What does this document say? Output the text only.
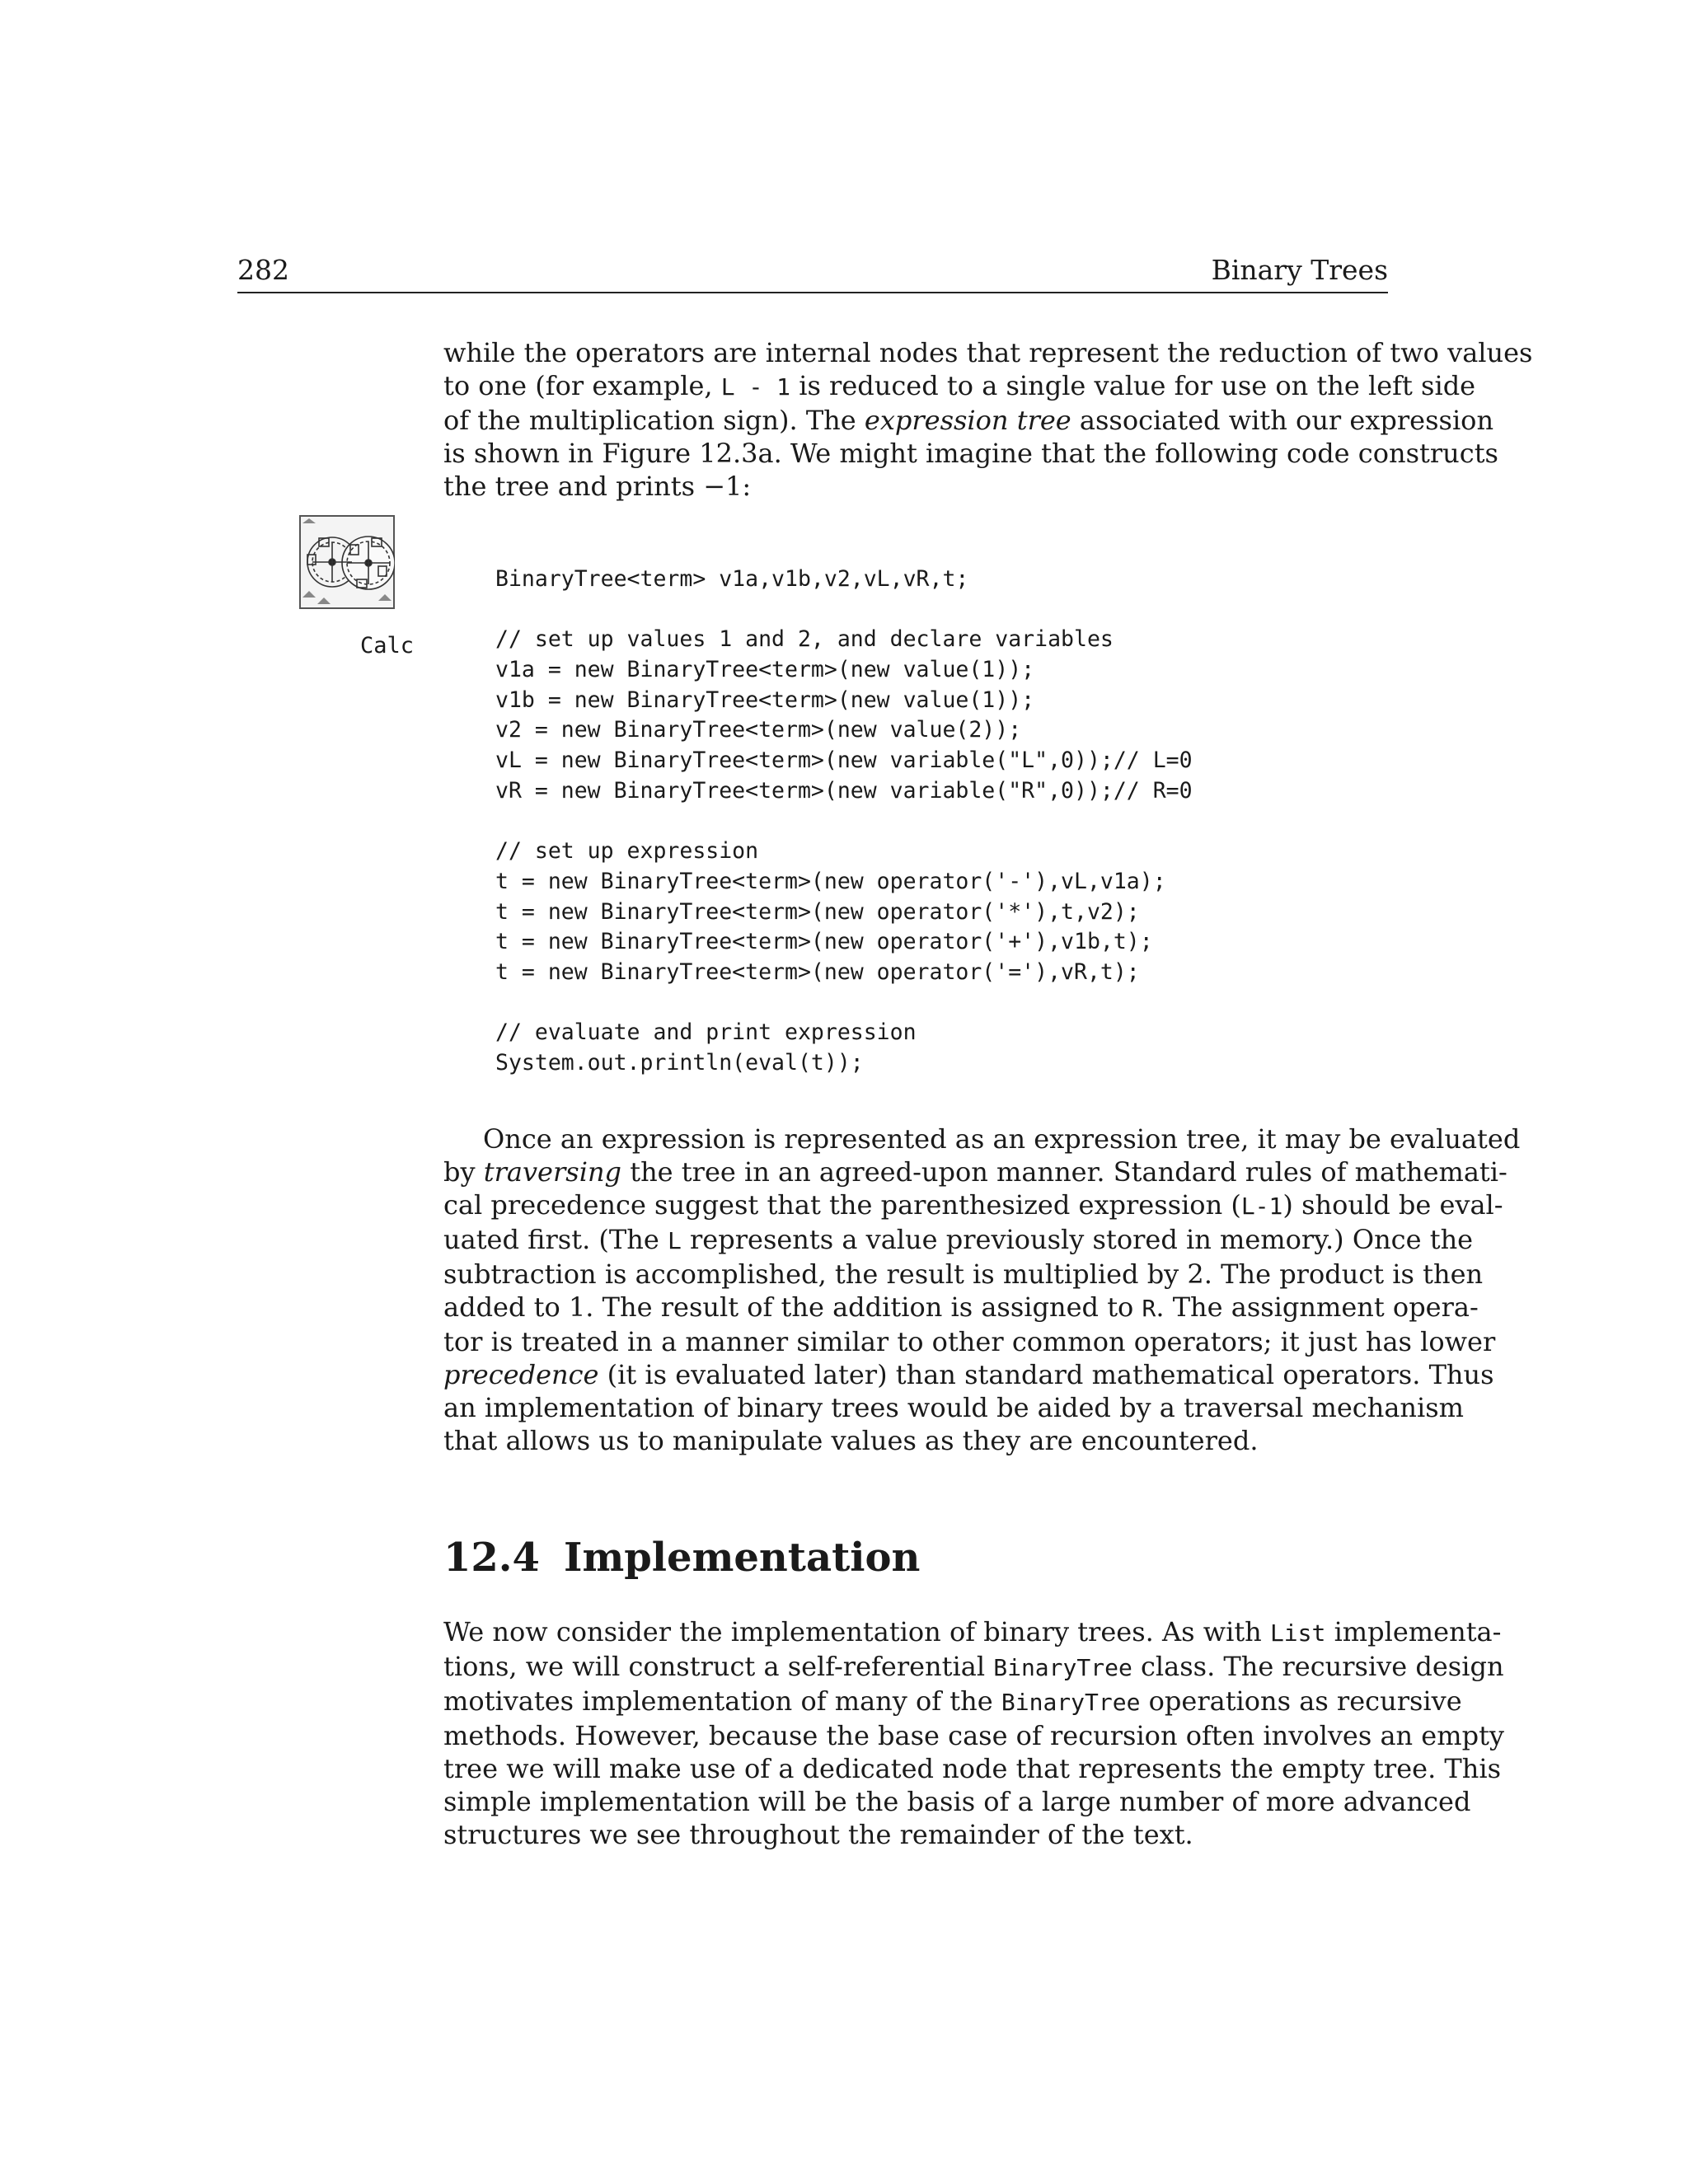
282	Binary Trees

while the operators are internal nodes that represent the reduction of two values
to one (for example, L - 1 is reduced to a single value for use on the left side
of the multiplication sign). The expression tree associated with our expression
is shown in Figure 12.3a. We might imagine that the following code constructs
the tree and prints −1:

Calc
BinaryTree<term> v1a,v1b,v2,vL,vR,t;
// set up values 1 and 2, and declare variables
v1a = new BinaryTree<term>(new value(1));
v1b = new BinaryTree<term>(new value(1));
v2 = new BinaryTree<term>(new value(2));
vL = new BinaryTree<term>(new variable("L",0));// L=0
vR = new BinaryTree<term>(new variable("R",0));// R=0
// set up expression
t = new BinaryTree<term>(new operator('-'),vL,v1a);
t = new BinaryTree<term>(new operator('*'),t,v2);
t = new BinaryTree<term>(new operator('+'),v1b,t);
t = new BinaryTree<term>(new operator('='),vR,t);
// evaluate and print expression
System.out.println(eval(t));

Once an expression is represented as an expression tree, it may be evaluated
by traversing the tree in an agreed-upon manner. Standard rules of mathemati-
cal precedence suggest that the parenthesized expression (L-1) should be eval-
uated first. (The L represents a value previously stored in memory.) Once the
subtraction is accomplished, the result is multiplied by 2. The product is then
added to 1. The result of the addition is assigned to R. The assignment opera-
tor is treated in a manner similar to other common operators; it just has lower
precedence (it is evaluated later) than standard mathematical operators. Thus
an implementation of binary trees would be aided by a traversal mechanism
that allows us to manipulate values as they are encountered.

12.4 Implementation

We now consider the implementation of binary trees. As with List implementa-
tions, we will construct a self-referential BinaryTree class. The recursive design
motivates implementation of many of the BinaryTree operations as recursive
methods. However, because the base case of recursion often involves an empty
tree we will make use of a dedicated node that represents the empty tree. This
simple implementation will be the basis of a large number of more advanced
structures we see throughout the remainder of the text.
